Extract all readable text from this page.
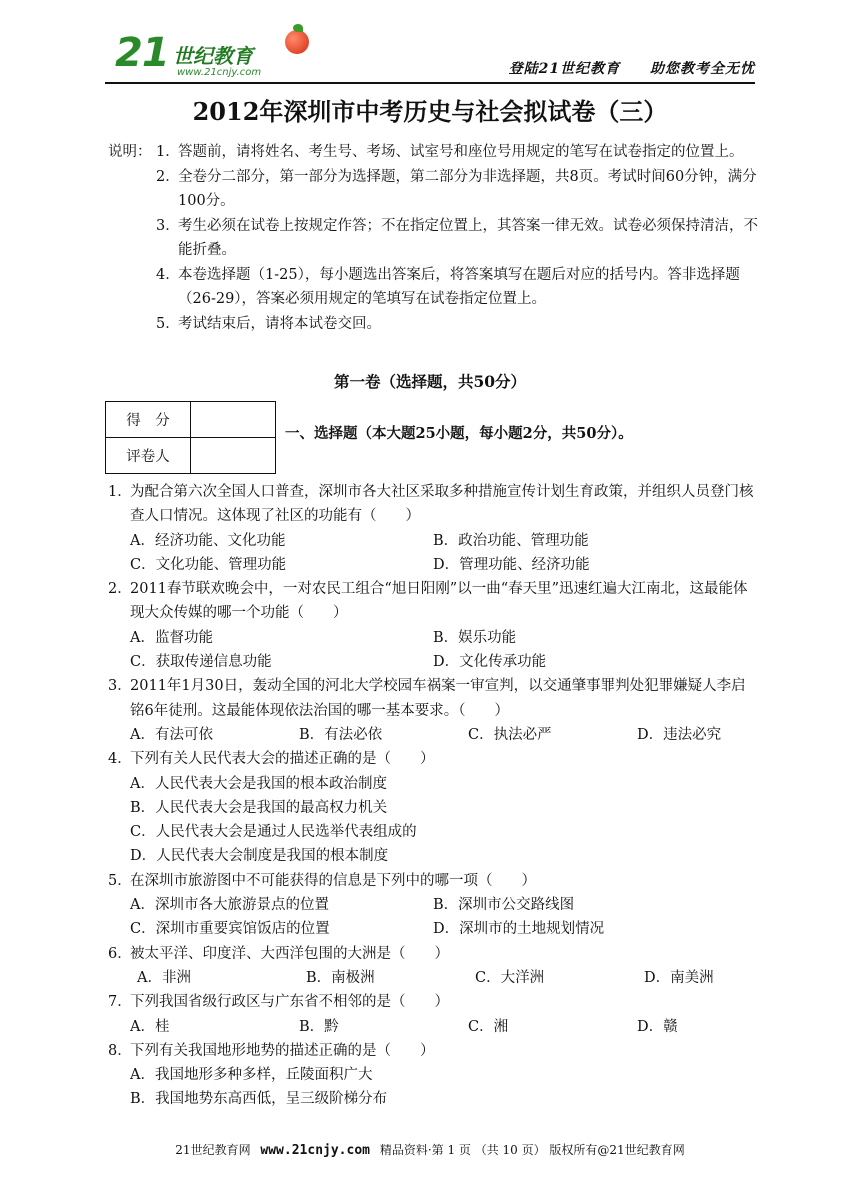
21 世纪教育
www.21cnjy.com	登陆21世纪教育 助您教考全无忧
2012年深圳市中考历史与社会拟试卷（三）
说明： 1．
答题前，请将姓名、考生号、考场、试室号和座位号用规定的笔写在试卷指定的位置上。
2．
全卷分二部分，第一部分为选择题，第二部分为非选择题，共8页。考试时间60分钟，满分100分。
3．
考生必须在试卷上按规定作答；不在指定位置上，其答案一律无效。试卷必须保持清洁，不能折叠。
4．
本卷选择题（1-25），每小题选出答案后，将答案填写在题后对应的括号内。答非选择题（26-29），答案必须用规定的笔填写在试卷指定位置上。
5．
考试结束后，请将本试卷交回。
第一卷（选择题，共50分）
得　分	
评卷人	
一、选择题（本大题25小题，每小题2分，共50分）。
1．
为配合第六次全国人口普查，深圳市各大社区采取多种措施宣传计划生育政策，并组织人员登门核查人口情况。这体现了社区的功能有（　　）
A．经济功能、文化功能	B．政治功能、管理功能
C．文化功能、管理功能	D．管理功能、经济功能
2．
2011春节联欢晚会中，一对农民工组合“旭日阳刚”以一曲“春天里”迅速红遍大江南北，这最能体现大众传媒的哪一个功能（　　）
A．监督功能	B．娱乐功能
C．获取传递信息功能	D．文化传承功能
3．
2011年1月30日，轰动全国的河北大学校园车祸案一审宣判，以交通肇事罪判处犯罪嫌疑人李启铭6年徒刑。这最能体现依法治国的哪一基本要求。（　　）
A．有法可依	B．有法必依	C．执法必严	D．违法必究
4．
下列有关人民代表大会的描述正确的是（　　）
A．人民代表大会是我国的根本政治制度
B．人民代表大会是我国的最高权力机关
C．人民代表大会是通过人民选举代表组成的
D．人民代表大会制度是我国的根本制度
5．
在深圳市旅游图中不可能获得的信息是下列中的哪一项（　　）
A．深圳市各大旅游景点的位置	B．深圳市公交路线图
C．深圳市重要宾馆饭店的位置	D．深圳市的土地规划情况
6．
被太平洋、印度洋、大西洋包围的大洲是（　　）
A．非洲	B．南极洲	C．大洋洲	D．南美洲
7．
下列我国省级行政区与广东省不相邻的是（　　）
A．桂	B．黔	C．湘	D．赣
8．
下列有关我国地形地势的描述正确的是（　　）
A．我国地形多种多样，丘陵面积广大
B．我国地势东高西低，呈三级阶梯分布
21世纪教育网 www.21cnjy.com 精品资料·第 1 页 （共 10 页） 版权所有@21世纪教育网
